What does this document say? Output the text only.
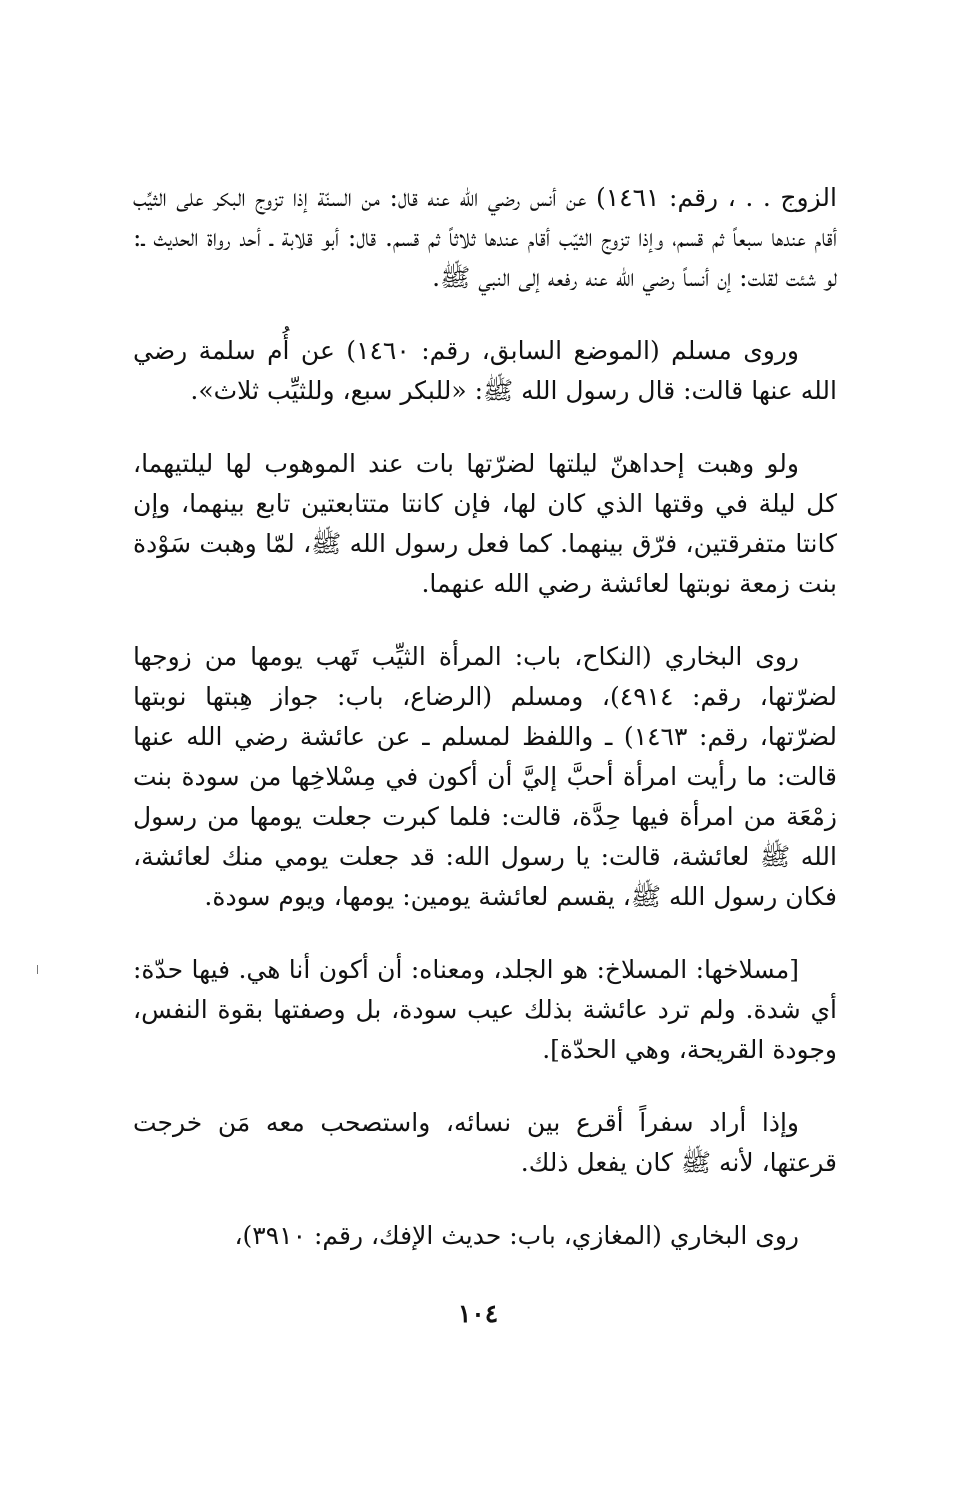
الزوج . . ، رقم: ١٤٦١) عن أنس رضي الله عنه قال: من السنّة إذا تزوج البكر على الثيِّب أقام عندها سبعاً ثم قسم، وإذا تزوج الثيّب أقام عندها ثلاثاً ثم قسم. قال: أبو قلابة ـ أحد رواة الحديث ـ: لو شئت لقلت: إن أنساً رضي الله عنه رفعه إلى النبي ﷺ.

وروى مسلم (الموضع السابق، رقم: ١٤٦٠) عن أُم سلمة رضي الله عنها قالت: قال رسول الله ﷺ: «للبكر سبع، وللثيِّب ثلاث».

ولو وهبت إحداهنّ ليلتها لضرّتها بات عند الموهوب لها ليلتيهما، كل ليلة في وقتها الذي كان لها، فإن كانتا متتابعتين تابع بينهما، وإن كانتا متفرقتين، فرّق بينهما. كما فعل رسول الله ﷺ، لمّا وهبت سَوْدة بنت زمعة نوبتها لعائشة رضي الله عنهما.

روى البخاري (النكاح، باب: المرأة الثيِّب تَهب يومها من زوجها لضرّتها، رقم: ٤٩١٤)، ومسلم (الرضاع، باب: جواز هِبتها نوبتها لضرّتها، رقم: ١٤٦٣) ـ واللفظ لمسلم ـ عن عائشة رضي الله عنها قالت: ما رأيت امرأة أحبَّ إليَّ أن أكون في مِسْلاخِها من سودة بنت زمْعَة من امرأة فيها حِدَّة، قالت: فلما كبرت جعلت يومها من رسول الله ﷺ لعائشة، قالت: يا رسول الله: قد جعلت يومي منك لعائشة، فكان رسول الله ﷺ، يقسم لعائشة يومين: يومها، ويوم سودة.

[مسلاخها: المسلاخ: هو الجلد، ومعناه: أن أكون أنا هي. فيها حدّة: أي شدة. ولم ترد عائشة بذلك عيب سودة، بل وصفتها بقوة النفس، وجودة القريحة، وهي الحدّة].

وإذا أراد سفراً أقرع بين نسائه، واستصحب معه مَن خرجت قرعتها، لأنه ﷺ كان يفعل ذلك.

روى البخاري (المغازي، باب: حديث الإفك، رقم: ٣٩١٠)،

١٠٤
